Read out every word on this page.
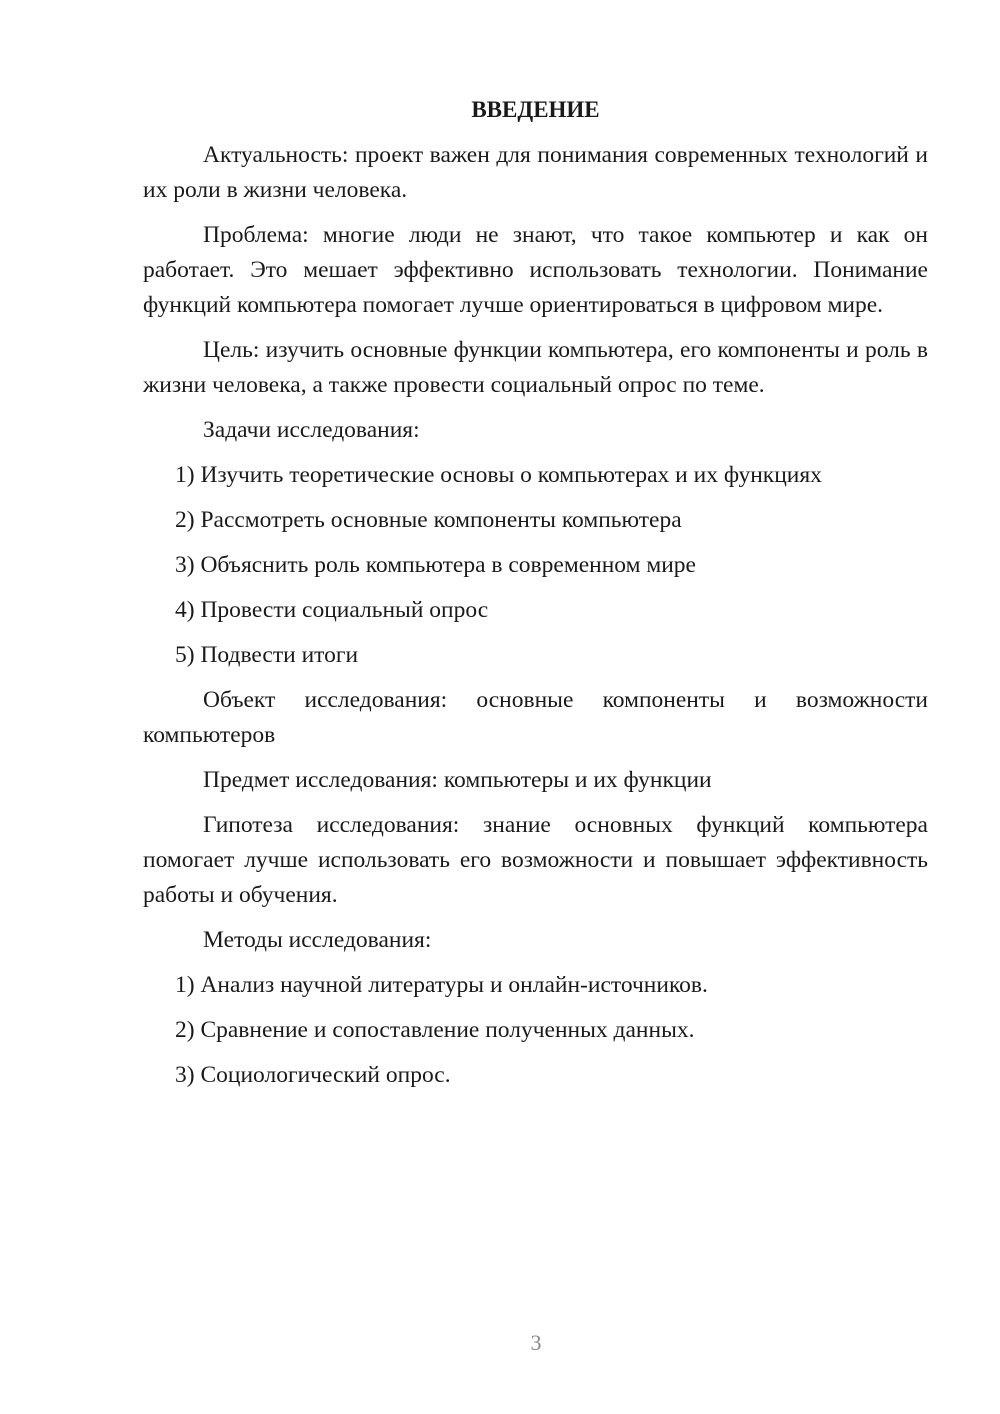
ВВЕДЕНИЕ

Актуальность: проект важен для понимания современных технологий и их роли в жизни человека.

Проблема: многие люди не знают, что такое компьютер и как он работает. Это мешает эффективно использовать технологии. Понимание функций компьютера помогает лучше ориентироваться в цифровом мире.

Цель: изучить основные функции компьютера, его компоненты и роль в жизни человека, а также провести социальный опрос по теме.

Задачи исследования:

1) Изучить теоретические основы о компьютерах и их функциях
2) Рассмотреть основные компоненты компьютера
3) Объяснить роль компьютера в современном мире
4) Провести социальный опрос
5) Подвести итоги

Объект исследования: основные компоненты и возможности компьютеров

Предмет исследования: компьютеры и их функции

Гипотеза исследования: знание основных функций компьютера помогает лучше использовать его возможности и повышает эффективность работы и обучения.

Методы исследования:

1) Анализ научной литературы и онлайн-источников.
2) Сравнение и сопоставление полученных данных.
3) Социологический опрос.
3
